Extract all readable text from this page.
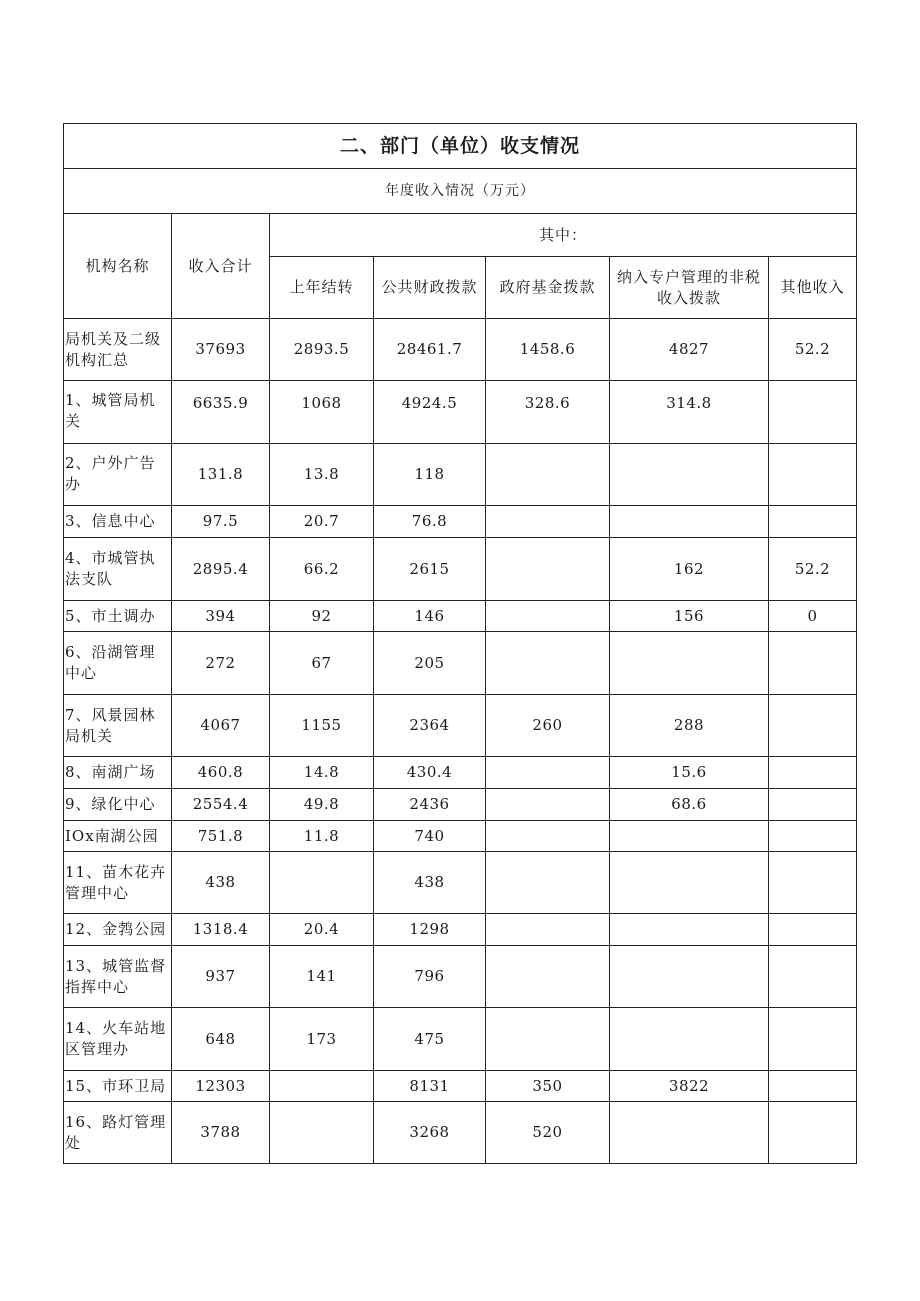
二、部门（单位）收支情况						
年度收入情况（万元）						
机构名称	收入合计	其中：				
		上年结转	公共财政拨款	政府基金拨款	纳入专户管理的非税收入拨款	其他收入
局机关及二级机构汇总	37693	2893.5	28461.7	1458.6	4827	52.2
1、城管局机关	6635.9	1068	4924.5	328.6	314.8	
2、户外广告办	131.8	13.8	118			
3、信息中心	97.5	20.7	76.8			
4、市城管执法支队	2895.4	66.2	2615		162	52.2
5、市土调办	394	92	146		156	0
6、沿湖管理中心	272	67	205			
7、风景园林局机关	4067	1155	2364	260	288	
8、南湖广场	460.8	14.8	430.4		15.6	
9、绿化中心	2554.4	49.8	2436		68.6	
IOx南湖公园	751.8	11.8	740			
11、苗木花卉管理中心	438		438			
12、金鹁公园	1318.4	20.4	1298			
13、城管监督指挥中心	937	141	796			
14、火车站地区管理办	648	173	475			
15、市环卫局	12303		8131	350	3822	
16、路灯管理处	3788		3268	520		
